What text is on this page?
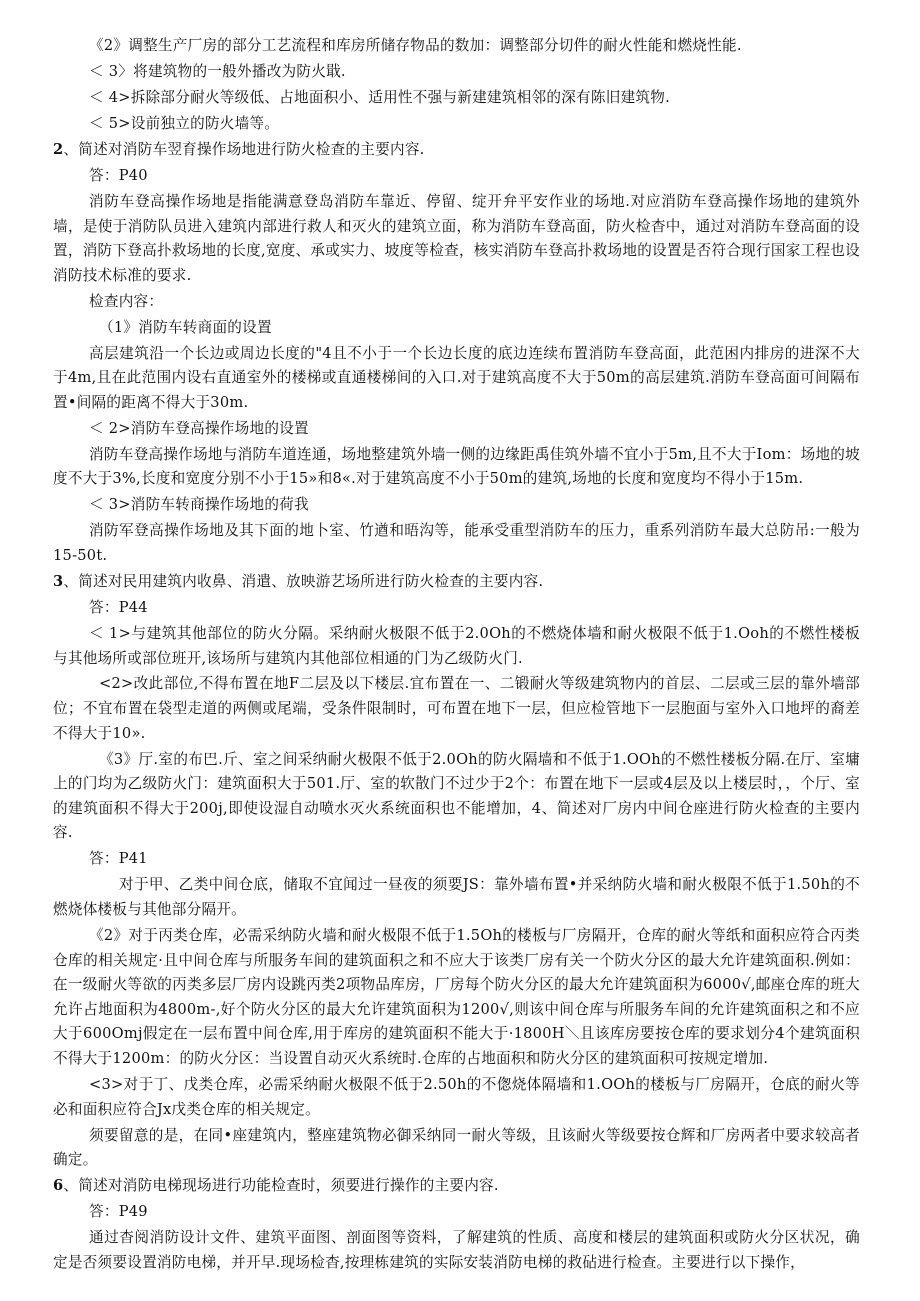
《2》调整生产厂房的部分工艺流程和库房所储存物品的数加：调整部分切件的耐火性能和燃烧性能.

＜ 3〉将建筑物的一般外播改为防火戢.

＜ 4>拆除部分耐火等级低、占地面积小、适用性不强与新建建筑相邻的深有陈旧建筑物.

＜ 5>设前独立的防火墙等。

2、简述对消防车翌育操作场地进行防火检查的主要内容.

答：P40

消防车登高操作场地是指能满意登岛消防车靠近、停留、绽开弁平安作业的场地.对应消防车登高操作场地的建筑外墙，是使于消防队员进入建筑内部进行救人和灭火的建筑立面，称为消防车登高面，防火检杳中，通过对消防车登高面的设置，消防下登高扑救场地的长度,宽度、承或实力、坡度等检查，核实消防车登高扑救场地的设置是否符合现行国家工程也设消防技术标准的要求.

检查内容：

（1》消防车转商面的设置

高层建筑沿一个长边或周边长度的"4且不小于一个长边长度的底边连续布置消防车登高面，此范困内排房的进深不大于4m,且在此范围内设右直通室外的楼梯或直通楼梯间的入口.对于建筑高度不大于50m的高层建筑.消防车登高面可间隔布置•间隔的距离不得大于30m.

＜ 2>消防车登高操作场地的设置

消防车登高操作场地与消防车道连通，场地整建筑外墙一侧的边缘距禹佳筑外墙不宜小于5m,且不大于Iom：场地的坡度不大于3%,长度和宽度分别不小于15»和8«.对于建筑高度不小于50m的建筑,场地的长度和宽度均不得小于15m.

＜ 3>消防车转商操作场地的荷我

消防军登高操作场地及其下面的地卜室、竹遒和晤沟等，能承受重型消防车的压力，重系列消防车最大总防吊:一般为15-50t.

3、简述对民用建筑内收鼻、消遣、放映游艺场所进行防火检查的主要内容.

答：P44

＜ 1>与建筑其他部位的防火分隔。采纳耐火极限不低于2.0Oh的不燃烧体墙和耐火极限不低于1.Ooh的不燃性楼板与其他场所或部位班开,该场所与建筑内其他部位相通的门为乙级防火门.

<2>改此部位,不得布置在地F二层及以下楼层.宜布置在一、二锻耐火等级建筑物内的首层、二层或三层的靠外墙部位；不宜布置在袋型走道的两侧或尾端，受条件限制时，可布置在地下一层，但应检管地下一层胞面与室外入口地坪的裔差不得大于10».

《3》厅.室的布巴.斤、室之间采纳耐火极限不低于2.0Oh的防火隔墙和不低于1.OOh的不燃性楼板分隔.在厅、室墉上的门均为乙级防火门：建筑面积大于501.厅、室的软散门不过少于2个：布置在地下一层或4层及以上楼层时，，个厅、室的建筑面积不得大于200j,即使设湿自动喷水灭火系统面积也不能增加，4、简述对厂房内中间仓座进行防火检查的主要内容.

答：P41

对于甲、乙类中间仓底，储取不宜闻过一昼夜的须要JS：靠外墙布置•并采纳防火墙和耐火极限不低于1.50h的不燃烧体楼板与其他部分隔开。

《2》对于丙类仓库，必需采纳防火墙和耐火极限不低于1.5Oh的楼板与厂房隔开，仓库的耐火等纸和面积应符合丙类仓库的相关规定·且中间仓库与所服务车间的建筑面积之和不应大于该类厂房有关一个防火分区的最大允许建筑面积.例如：在一级耐火等欲的丙类多层厂房内设跳丙类2项物品库房，厂房每个防火分区的最大允许建筑面积为6000√,邮座仓库的班大允许占地面积为4800m-,好个防火分区的最大允许建筑面积为1200√,则该中间仓库与所服务车间的允许建筑面积之和不应大于600Omj假定在一层布置中间仓库,用于库房的建筑面积不能大于·1800H＼且该库房要按仓库的要求划分4个建筑面积不得大于1200m：的防火分区：当设置自动灭火系统时.仓库的占地面积和防火分区的建筑面积可按规定增加.

<3>对于丁、戊类仓库，必需采纳耐火极限不低于2.50h的不偬烧体隔墙和1.OOh的楼板与厂房隔开，仓底的耐火等必和面积应符合Jx戊类仓库的相关规定。

须要留意的是，在同•座建筑内，整座建筑物必御采纳同一耐火等级，且该耐火等级要按仓辉和厂房两者中要求较高者确定。

6、简述对消防电梯现场进行功能检查时，须要进行操作的主要内容.

答：P49

通过杳阅消防设计文件、建筑平面图、剖面图等资料，了解建筑的性质、高度和楼层的建筑面积或防火分区状况，确定是否须要设置消防电梯，并开早.现场检杳,按理栋建筑的实际安装消防电梯的救砧进行检查。主要进行以下操作，
